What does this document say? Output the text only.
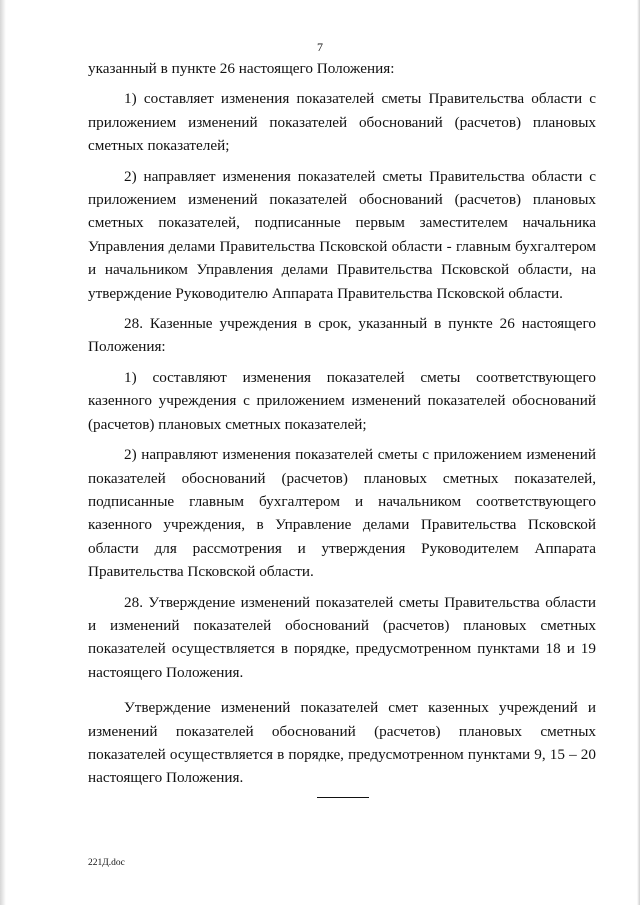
7

указанный в пункте 26 настоящего Положения:

1) составляет изменения показателей сметы Правительства области с приложением изменений показателей обоснований (расчетов) плановых сметных показателей;

2) направляет изменения показателей сметы Правительства области с приложением изменений показателей обоснований (расчетов) плановых сметных показателей, подписанные первым заместителем начальника Управления делами Правительства Псковской области - главным бухгалтером и начальником Управления делами Правительства Псковской области, на утверждение Руководителю Аппарата Правительства Псковской области.

28. Казенные учреждения в срок, указанный в пункте 26 настоящего Положения:

1) составляют изменения показателей сметы соответствующего казенного учреждения с приложением изменений показателей обоснований (расчетов) плановых сметных показателей;

2) направляют изменения показателей сметы с приложением изменений показателей обоснований (расчетов) плановых сметных показателей, подписанные главным бухгалтером и начальником соответствующего казенного учреждения, в Управление делами Правительства Псковской области для рассмотрения и утверждения Руководителем Аппарата Правительства Псковской области.

28. Утверждение изменений показателей сметы Правительства области и изменений показателей обоснований (расчетов) плановых сметных показателей осуществляется в порядке, предусмотренном пунктами 18 и 19 настоящего Положения.

Утверждение изменений показателей смет казенных учреждений и изменений показателей обоснований (расчетов) плановых сметных показателей осуществляется в порядке, предусмотренном пунктами 9, 15 – 20 настоящего Положения.

221Д.doc
